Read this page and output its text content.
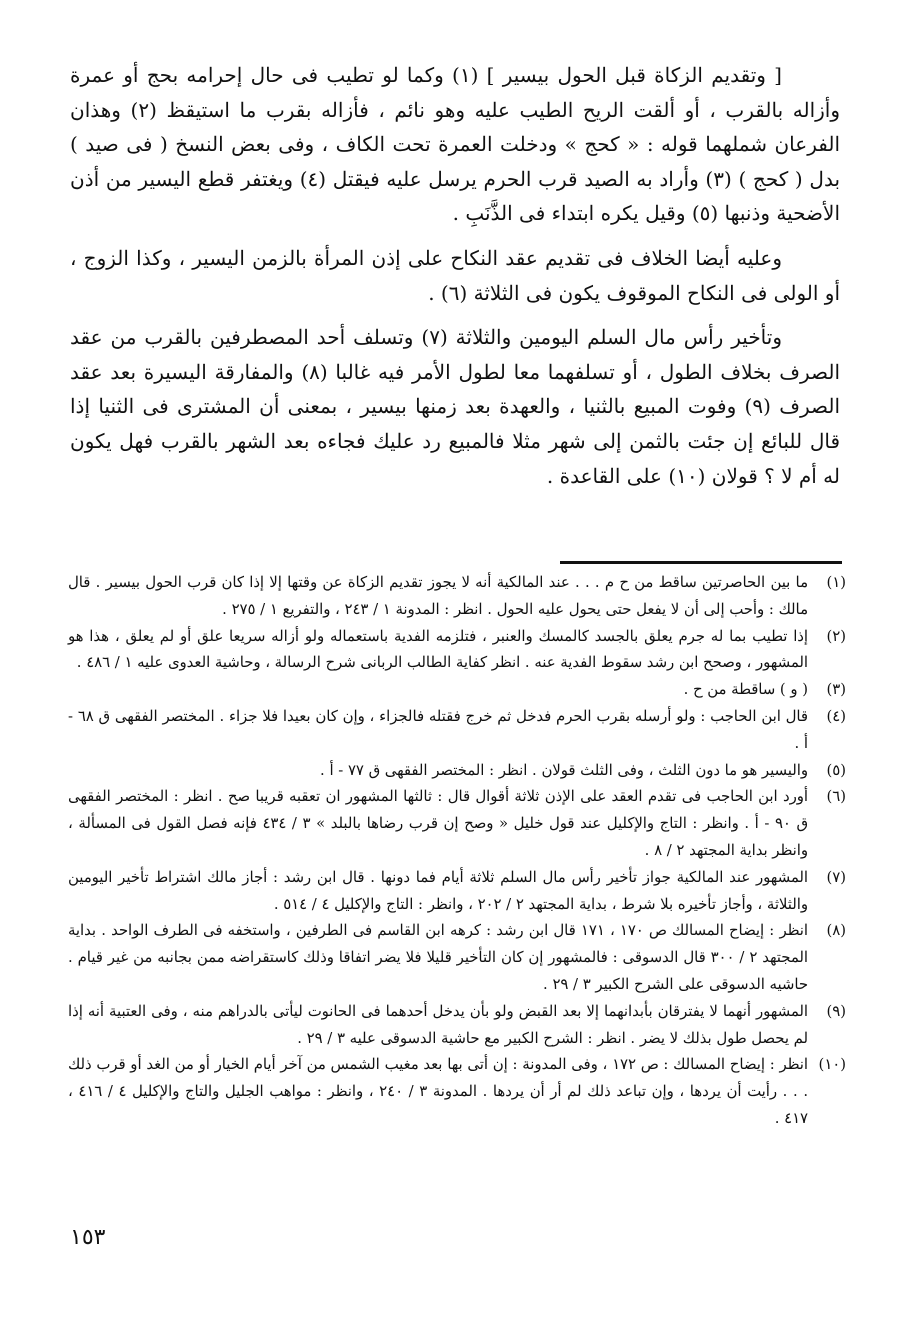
[ وتقديم الزكاة قبل الحول بيسير ] (١) وكما لو تطيب فى حال إحرامه بحج أو عمرة وأزاله بالقرب ، أو ألقت الريح الطيب عليه وهو نائم ، فأزاله بقرب ما استيقظ (٢) وهذان الفرعان شملهما قوله : « كحج » ودخلت العمرة تحت الكاف ، وفى بعض النسخ ( فى صيد ) بدل ( كحج ) (٣) وأراد به الصيد قرب الحرم يرسل عليه فيقتل (٤) ويغتفر قطع اليسير من أذن الأضحية وذنبها (٥) وقيل يكره ابتداء فى الذَّنَبِ .

وعليه أيضا الخلاف فى تقديم عقد النكاح على إذن المرأة بالزمن اليسير ، وكذا الزوج ، أو الولى فى النكاح الموقوف يكون فى الثلاثة (٦) .

وتأخير رأس مال السلم اليومين والثلاثة (٧) وتسلف أحد المصطرفين بالقرب من عقد الصرف بخلاف الطول ، أو تسلفهما معا لطول الأمر فيه غالبا (٨) والمفارقة اليسيرة بعد عقد الصرف (٩) وفوت المبيع بالثنيا ، والعهدة بعد زمنها بيسير ، بمعنى أن المشترى فى الثنيا إذا قال للبائع إن جئت بالثمن إلى شهر مثلا فالمبيع رد عليك فجاءه بعد الشهر بالقرب فهل يكون له أم لا ؟ قولان (١٠) على القاعدة .

(١)
ما بين الحاصرتين ساقط من ح م . . . عند المالكية أنه لا يجوز تقديم الزكاة عن وقتها إلا إذا كان قرب الحول بيسير . قال مالك : وأحب إلى أن لا يفعل حتى يحول عليه الحول . انظر : المدونة ١ / ٢٤٣ ، والتفريع ١ / ٢٧٥ .
(٢)
إذا تطيب بما له جرم يعلق بالجسد كالمسك والعنبر ، فتلزمه الفدية باستعماله ولو أزاله سريعا علق أو لم يعلق ، هذا هو المشهور ، وصحح ابن رشد سقوط الفدية عنه . انظر كفاية الطالب الربانى شرح الرسالة ، وحاشية العدوى عليه ١ / ٤٨٦ .
(٣)
( و ) ساقطة من ح .
(٤)
قال ابن الحاجب : ولو أرسله بقرب الحرم فدخل ثم خرج فقتله فالجزاء ، وإن كان بعيدا فلا جزاء . المختصر الفقهى ق ٦٨ - أ .
(٥)
واليسير هو ما دون الثلث ، وفى الثلث قولان . انظر : المختصر الفقهى ق ٧٧ - أ .
(٦)
أورد ابن الحاجب فى تقدم العقد على الإذن ثلاثة أقوال قال : ثالثها المشهور ان تعقبه قريبا صح . انظر : المختصر الفقهى ق ٩٠ - أ . وانظر : التاج والإكليل عند قول خليل « وصح إن قرب رضاها بالبلد » ٣ / ٤٣٤ فإنه فصل القول فى المسألة ، وانظر بداية المجتهد ٢ / ٨ .
(٧)
المشهور عند المالكية جواز تأخير رأس مال السلم ثلاثة أيام فما دونها . قال ابن رشد : أجاز مالك اشتراط تأخير اليومين والثلاثة ، وأجاز تأخيره بلا شرط ، بداية المجتهد ٢ / ٢٠٢ ، وانظر : التاج والإكليل ٤ / ٥١٤ .
(٨)
انظر : إيضاح المسالك ص ١٧٠ ، ١٧١ قال ابن رشد : كرهه ابن القاسم فى الطرفين ، واستخفه فى الطرف الواحد . بداية المجتهد ٢ / ٣٠٠ قال الدسوقى : فالمشهور إن كان التأخير قليلا فلا يضر اتفاقا وذلك كاستقراضه ممن بجانبه من غير قيام . حاشيه الدسوقى على الشرح الكبير ٣ / ٢٩ .
(٩)
المشهور أنهما لا يفترقان بأبدانهما إلا بعد القبض ولو بأن يدخل أحدهما فى الحانوت ليأتى بالدراهم منه ، وفى العتبية أنه إذا لم يحصل طول بذلك لا يضر . انظر : الشرح الكبير مع حاشية الدسوقى عليه ٣ / ٢٩ .
(١٠)
انظر : إيضاح المسالك : ص ١٧٢ ، وفى المدونة : إن أتى بها بعد مغيب الشمس من آخر أيام الخيار أو من الغد أو قرب ذلك . . . رأيت أن يردها ، وإن تباعد ذلك لم أر أن يردها . المدونة ٣ / ٢٤٠ ، وانظر : مواهب الجليل والتاج والإكليل ٤ / ٤١٦ ، ٤١٧ .
١٥٣
